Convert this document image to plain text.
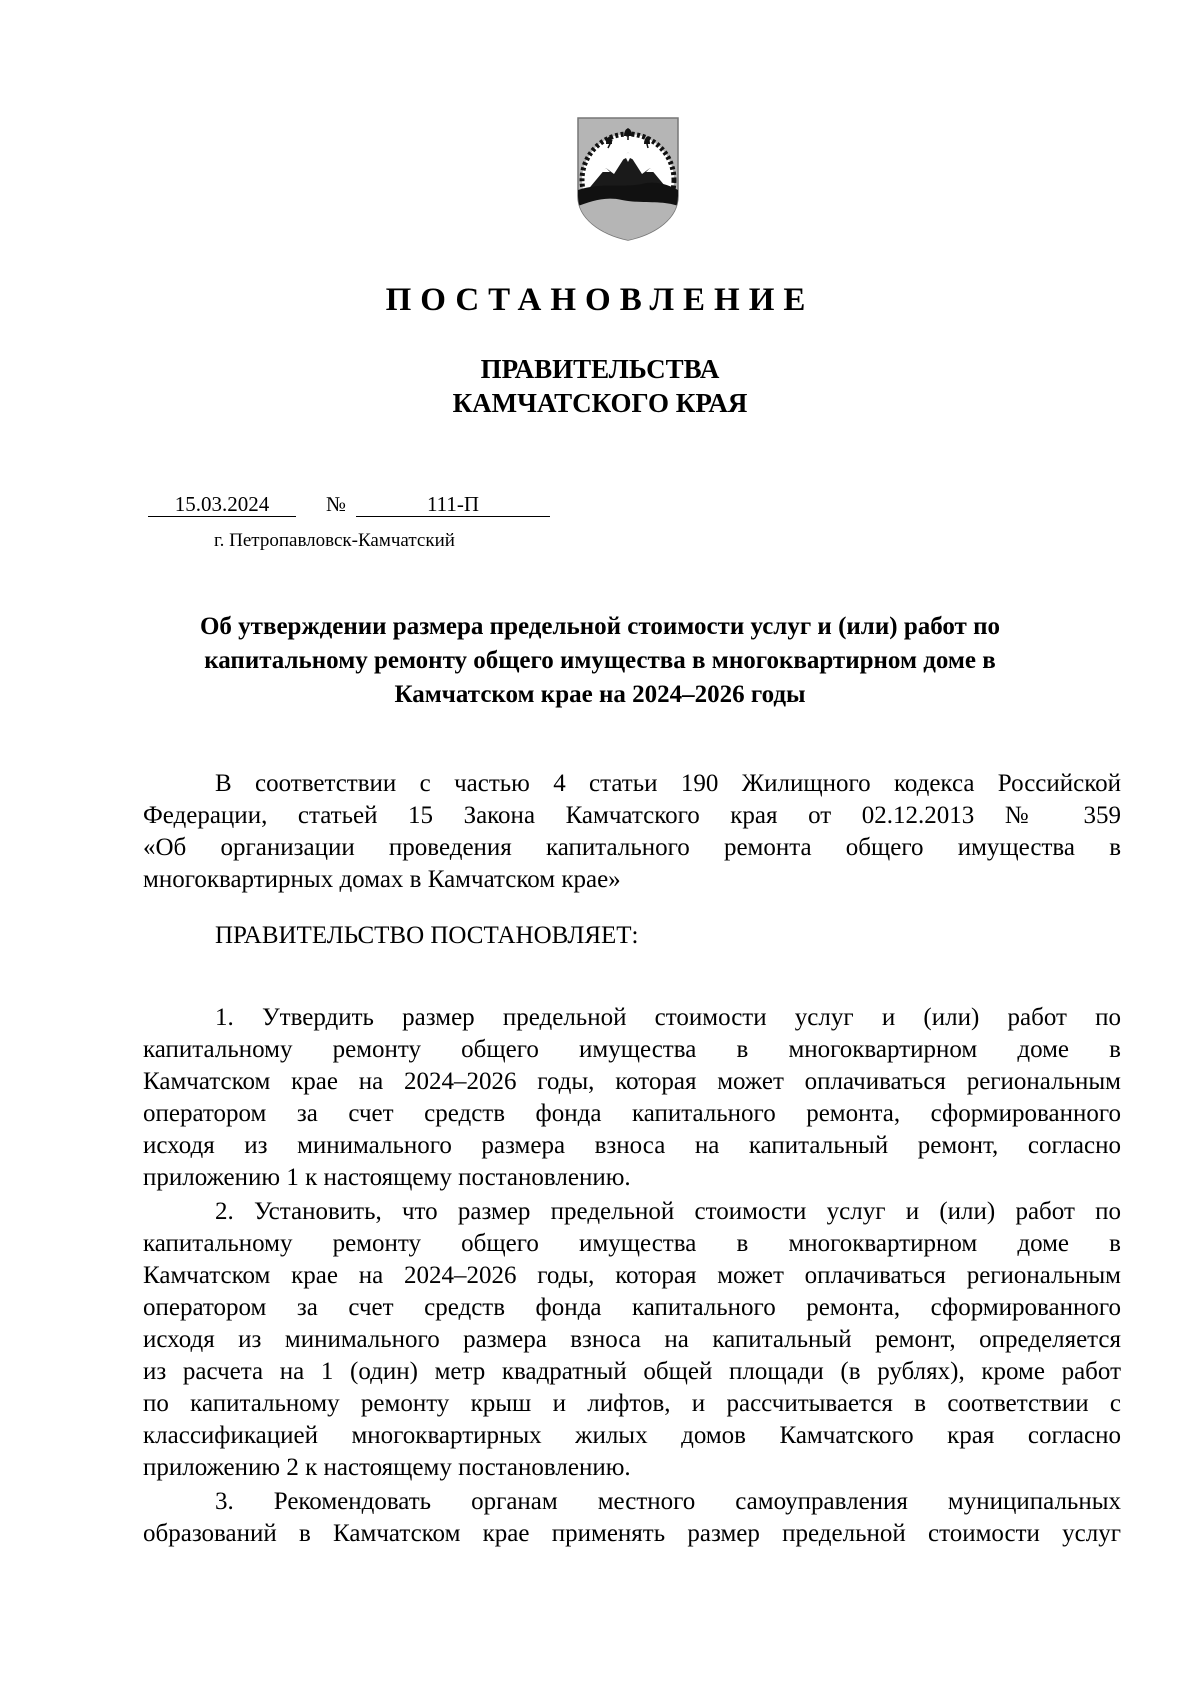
ПОСТАНОВЛЕНИЕ
ПРАВИТЕЛЬСТВА
КАМЧАТСКОГО КРАЯ
15.03.2024	№	111-П
г. Петропавловск-Камчатский
Об утверждении размера предельной стоимости услуг и (или) работ по
капитальному ремонту общего имущества в многоквартирном доме в
Камчатском крае на 2024–2026 годы
В соответствии с частью 4 статьи 190 Жилищного кодекса Российской
Федерации, статьей 15 Закона Камчатского края от 02.12.2013 № 359
«Об организации проведения капитального ремонта общего имущества в
многоквартирных домах в Камчатском крае»
ПРАВИТЕЛЬСТВО ПОСТАНОВЛЯЕТ:
1. Утвердить размер предельной стоимости услуг и (или) работ по
капитальному ремонту общего имущества в многоквартирном доме в
Камчатском крае на 2024–2026 годы, которая может оплачиваться региональным
оператором за счет средств фонда капитального ремонта, сформированного
исходя из минимального размера взноса на капитальный ремонт, согласно
приложению 1 к настоящему постановлению.
2. Установить, что размер предельной стоимости услуг и (или) работ по
капитальному ремонту общего имущества в многоквартирном доме в
Камчатском крае на 2024–2026 годы, которая может оплачиваться региональным
оператором за счет средств фонда капитального ремонта, сформированного
исходя из минимального размера взноса на капитальный ремонт, определяется
из расчета на 1 (один) метр квадратный общей площади (в рублях), кроме работ
по капитальному ремонту крыш и лифтов, и рассчитывается в соответствии с
классификацией многоквартирных жилых домов Камчатского края согласно
приложению 2 к настоящему постановлению.
3. Рекомендовать органам местного самоуправления муниципальных
образований в Камчатском крае применять размер предельной стоимости услуг
